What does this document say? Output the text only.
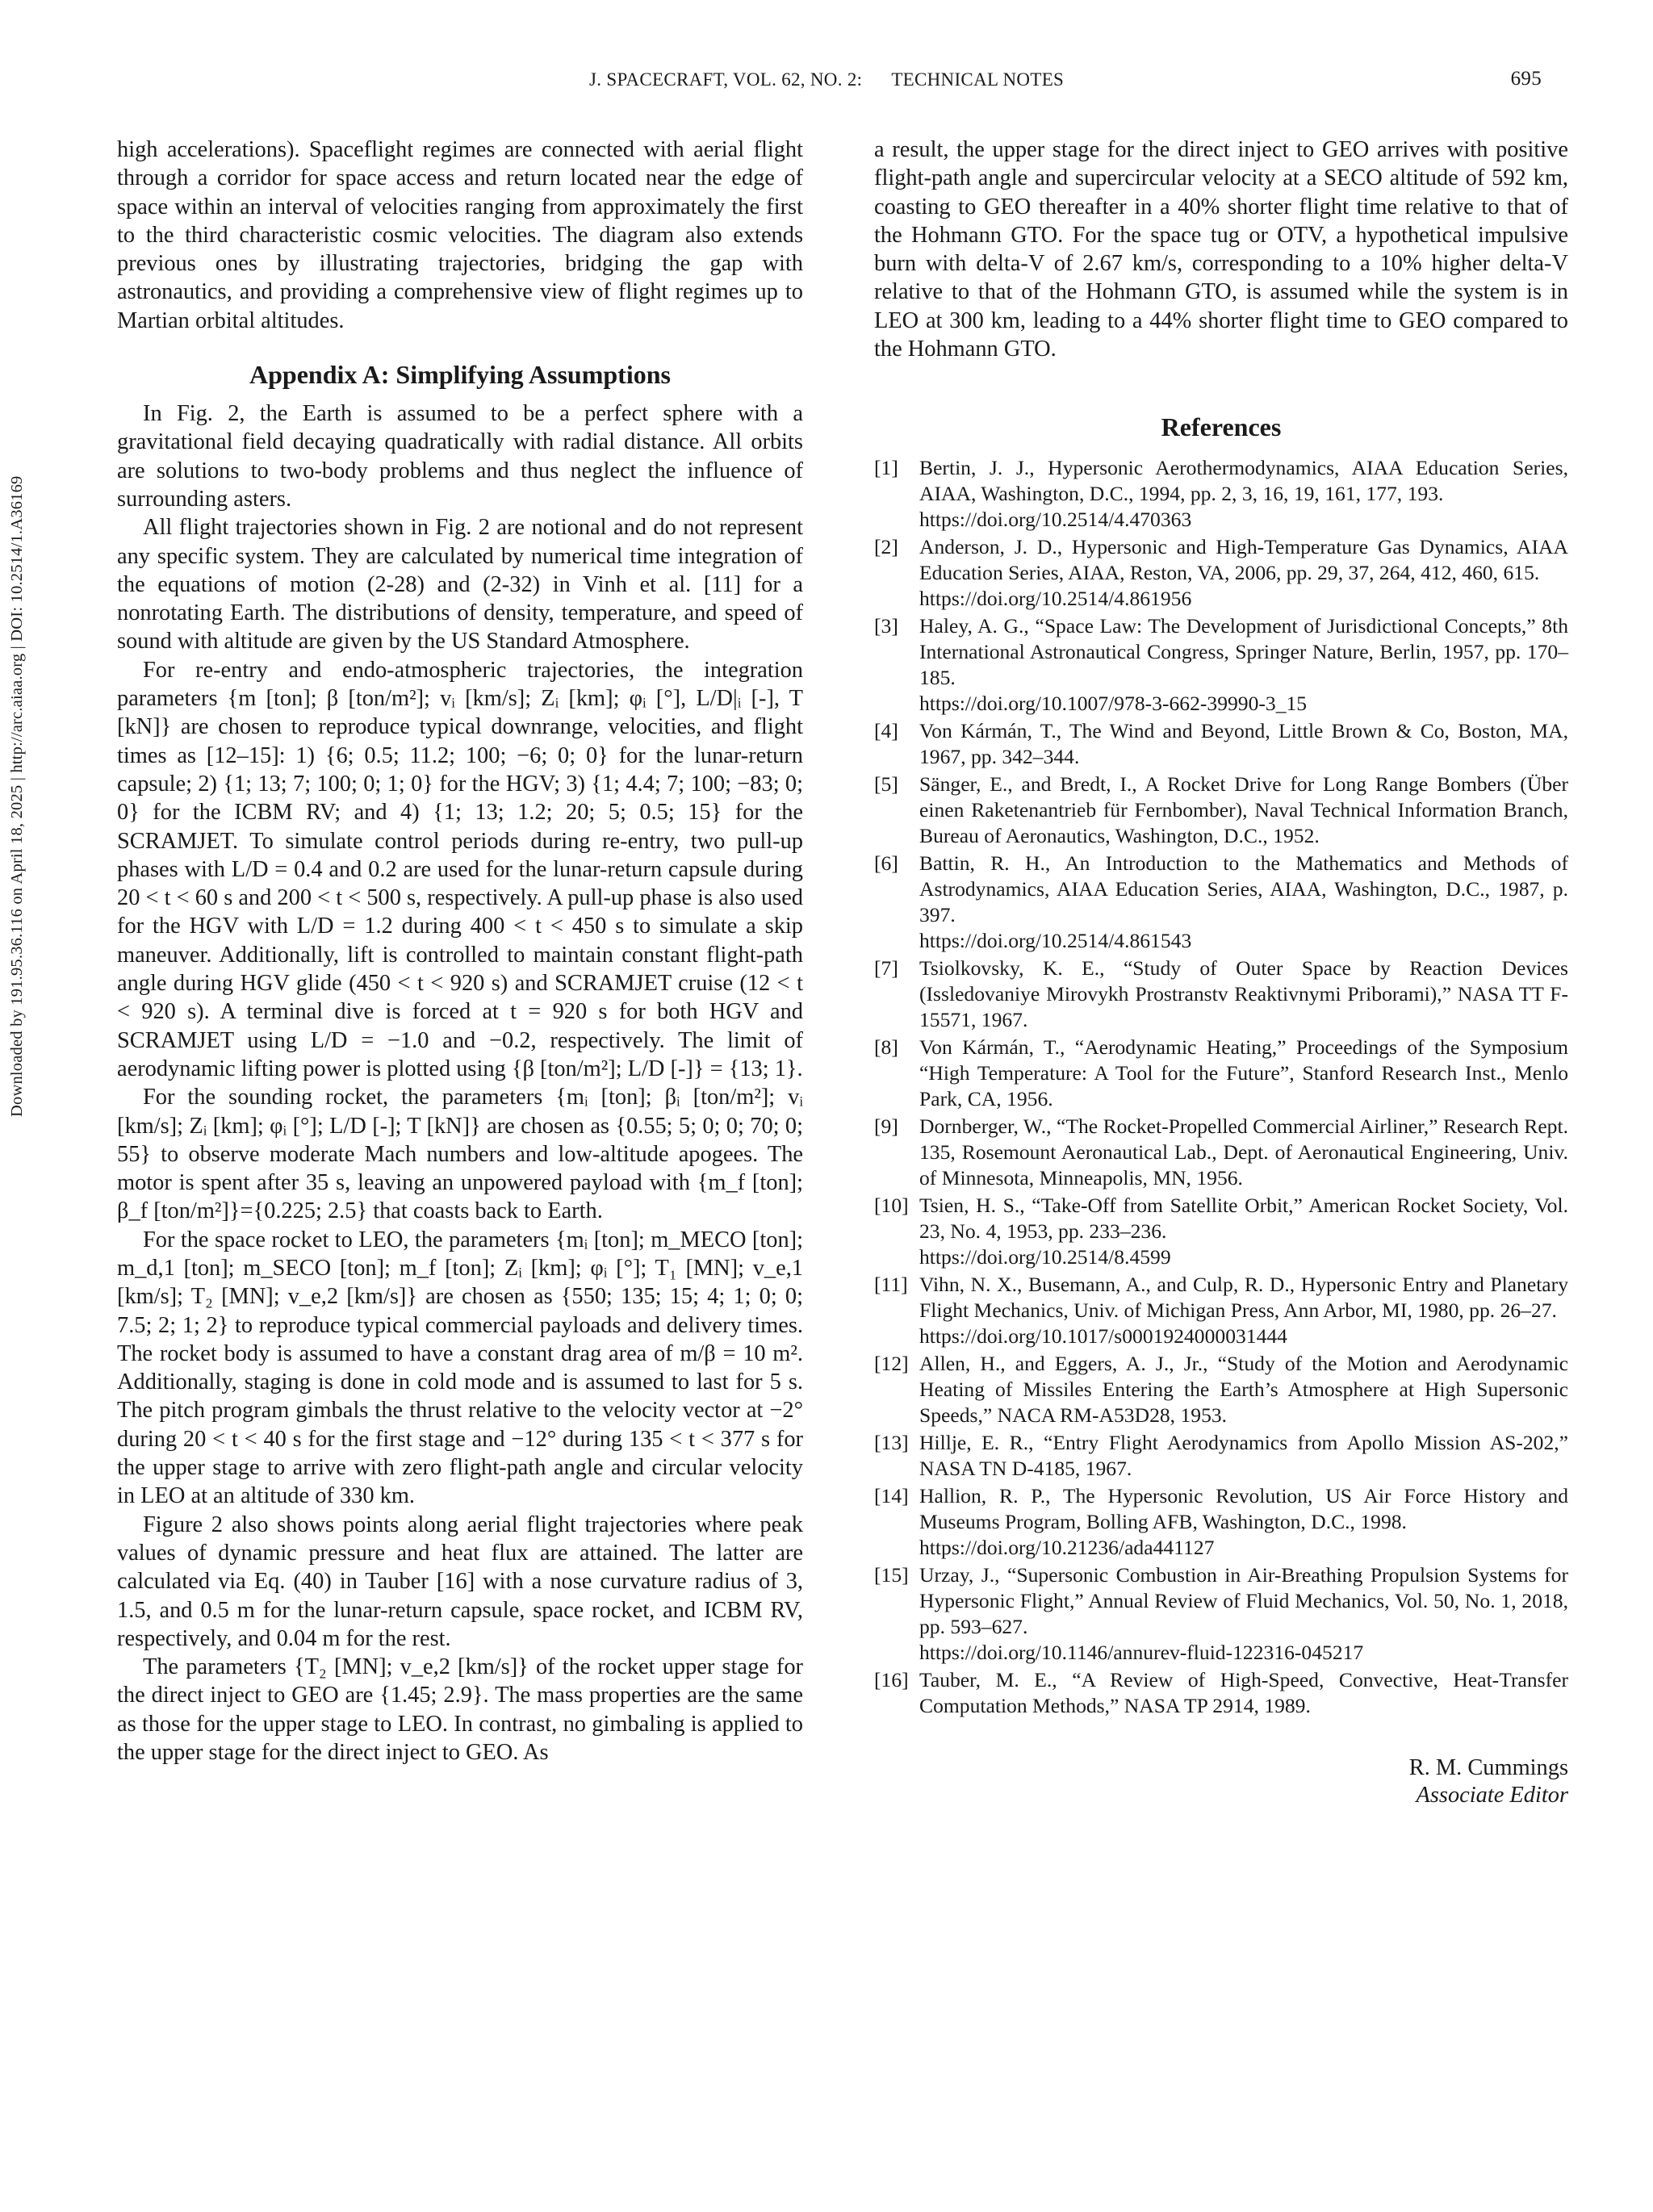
J. SPACECRAFT, VOL. 62, NO. 2: TECHNICAL NOTES	695
Downloaded by 191.95.36.116 on April 18, 2025 | http://arc.aiaa.org | DOI: 10.2514/1.A36169

high accelerations). Spaceflight regimes are connected with aerial flight through a corridor for space access and return located near the edge of space within an interval of velocities ranging from approximately the first to the third characteristic cosmic velocities. The diagram also extends previous ones by illustrating trajectories, bridging the gap with astronautics, and providing a comprehensive view of flight regimes up to Martian orbital altitudes.

Appendix A: Simplifying Assumptions

In Fig. 2, the Earth is assumed to be a perfect sphere with a gravitational field decaying quadratically with radial distance. All orbits are solutions to two-body problems and thus neglect the influence of surrounding asters.

All flight trajectories shown in Fig. 2 are notional and do not represent any specific system. They are calculated by numerical time integration of the equations of motion (2-28) and (2-32) in Vinh et al. [11] for a nonrotating Earth. The distributions of density, temperature, and speed of sound with altitude are given by the US Standard Atmosphere.

For re-entry and endo-atmospheric trajectories, the integration parameters {m [ton]; β [ton/m²]; vᵢ [km/s]; Zᵢ [km]; φᵢ [°], L/D|ᵢ [-], T [kN]} are chosen to reproduce typical downrange, velocities, and flight times as [12–15]: 1) {6; 0.5; 11.2; 100; −6; 0; 0} for the lunar-return capsule; 2) {1; 13; 7; 100; 0; 1; 0} for the HGV; 3) {1; 4.4; 7; 100; −83; 0; 0} for the ICBM RV; and 4) {1; 13; 1.2; 20; 5; 0.5; 15} for the SCRAMJET. To simulate control periods during re-entry, two pull-up phases with L/D = 0.4 and 0.2 are used for the lunar-return capsule during 20 < t < 60 s and 200 < t < 500 s, respectively. A pull-up phase is also used for the HGV with L/D = 1.2 during 400 < t < 450 s to simulate a skip maneuver. Additionally, lift is controlled to maintain constant flight-path angle during HGV glide (450 < t < 920 s) and SCRAMJET cruise (12 < t < 920 s). A terminal dive is forced at t = 920 s for both HGV and SCRAMJET using L/D = −1.0 and −0.2, respectively. The limit of aerodynamic lifting power is plotted using {β [ton/m²]; L/D [-]} = {13; 1}.

For the sounding rocket, the parameters {mᵢ [ton]; βᵢ [ton/m²]; vᵢ [km/s]; Zᵢ [km]; φᵢ [°]; L/D [-]; T [kN]} are chosen as {0.55; 5; 0; 0; 70; 0; 55} to observe moderate Mach numbers and low-altitude apogees. The motor is spent after 35 s, leaving an unpowered payload with {m_f [ton]; β_f [ton/m²]}={0.225; 2.5} that coasts back to Earth.

For the space rocket to LEO, the parameters {mᵢ [ton]; m_MECO [ton]; m_d,1 [ton]; m_SECO [ton]; m_f [ton]; Zᵢ [km]; φᵢ [°]; T₁ [MN]; v_e,1 [km/s]; T₂ [MN]; v_e,2 [km/s]} are chosen as {550; 135; 15; 4; 1; 0; 0; 7.5; 2; 1; 2} to reproduce typical commercial payloads and delivery times. The rocket body is assumed to have a constant drag area of m/β = 10 m². Additionally, staging is done in cold mode and is assumed to last for 5 s. The pitch program gimbals the thrust relative to the velocity vector at −2° during 20 < t < 40 s for the first stage and −12° during 135 < t < 377 s for the upper stage to arrive with zero flight-path angle and circular velocity in LEO at an altitude of 330 km.

Figure 2 also shows points along aerial flight trajectories where peak values of dynamic pressure and heat flux are attained. The latter are calculated via Eq. (40) in Tauber [16] with a nose curvature radius of 3, 1.5, and 0.5 m for the lunar-return capsule, space rocket, and ICBM RV, respectively, and 0.04 m for the rest.

The parameters {T₂ [MN]; v_e,2 [km/s]} of the rocket upper stage for the direct inject to GEO are {1.45; 2.9}. The mass properties are the same as those for the upper stage to LEO. In contrast, no gimbaling is applied to the upper stage for the direct inject to GEO. As

a result, the upper stage for the direct inject to GEO arrives with positive flight-path angle and supercircular velocity at a SECO altitude of 592 km, coasting to GEO thereafter in a 40% shorter flight time relative to that of the Hohmann GTO. For the space tug or OTV, a hypothetical impulsive burn with delta-V of 2.67 km/s, corresponding to a 10% higher delta-V relative to that of the Hohmann GTO, is assumed while the system is in LEO at 300 km, leading to a 44% shorter flight time to GEO compared to the Hohmann GTO.

References
[1]	Bertin, J. J., Hypersonic Aerothermodynamics, AIAA Education Series, AIAA, Washington, D.C., 1994, pp. 2, 3, 16, 19, 161, 177, 193.
https://doi.org/10.2514/4.470363
[2]	Anderson, J. D., Hypersonic and High-Temperature Gas Dynamics, AIAA Education Series, AIAA, Reston, VA, 2006, pp. 29, 37, 264, 412, 460, 615.
https://doi.org/10.2514/4.861956
[3]	Haley, A. G., “Space Law: The Development of Jurisdictional Concepts,” 8th International Astronautical Congress, Springer Nature, Berlin, 1957, pp. 170–185.
https://doi.org/10.1007/978-3-662-39990-3_15
[4]	Von Kármán, T., The Wind and Beyond, Little Brown & Co, Boston, MA, 1967, pp. 342–344.
[5]	Sänger, E., and Bredt, I., A Rocket Drive for Long Range Bombers (Über einen Raketenantrieb für Fernbomber), Naval Technical Information Branch, Bureau of Aeronautics, Washington, D.C., 1952.
[6]	Battin, R. H., An Introduction to the Mathematics and Methods of Astrodynamics, AIAA Education Series, AIAA, Washington, D.C., 1987, p. 397.
https://doi.org/10.2514/4.861543
[7]	Tsiolkovsky, K. E., “Study of Outer Space by Reaction Devices (Issledovaniye Mirovykh Prostranstv Reaktivnymi Priborami),” NASA TT F-15571, 1967.
[8]	Von Kármán, T., “Aerodynamic Heating,” Proceedings of the Symposium “High Temperature: A Tool for the Future”, Stanford Research Inst., Menlo Park, CA, 1956.
[9]	Dornberger, W., “The Rocket-Propelled Commercial Airliner,” Research Rept. 135, Rosemount Aeronautical Lab., Dept. of Aeronautical Engineering, Univ. of Minnesota, Minneapolis, MN, 1956.
[10] Tsien, H. S., “Take-Off from Satellite Orbit,” American Rocket Society, Vol. 23, No. 4, 1953, pp. 233–236.
https://doi.org/10.2514/8.4599
[11] Vihn, N. X., Busemann, A., and Culp, R. D., Hypersonic Entry and Planetary Flight Mechanics, Univ. of Michigan Press, Ann Arbor, MI, 1980, pp. 26–27.
https://doi.org/10.1017/s0001924000031444
[12] Allen, H., and Eggers, A. J., Jr., “Study of the Motion and Aerodynamic Heating of Missiles Entering the Earth’s Atmosphere at High Supersonic Speeds,” NACA RM-A53D28, 1953.
[13] Hillje, E. R., “Entry Flight Aerodynamics from Apollo Mission AS-202,” NASA TN D-4185, 1967.
[14] Hallion, R. P., The Hypersonic Revolution, US Air Force History and Museums Program, Bolling AFB, Washington, D.C., 1998.
https://doi.org/10.21236/ada441127
[15] Urzay, J., “Supersonic Combustion in Air-Breathing Propulsion Systems for Hypersonic Flight,” Annual Review of Fluid Mechanics, Vol. 50, No. 1, 2018, pp. 593–627.
https://doi.org/10.1146/annurev-fluid-122316-045217
[16] Tauber, M. E., “A Review of High-Speed, Convective, Heat-Transfer Computation Methods,” NASA TP 2914, 1989.
R. M. Cummings
Associate Editor
